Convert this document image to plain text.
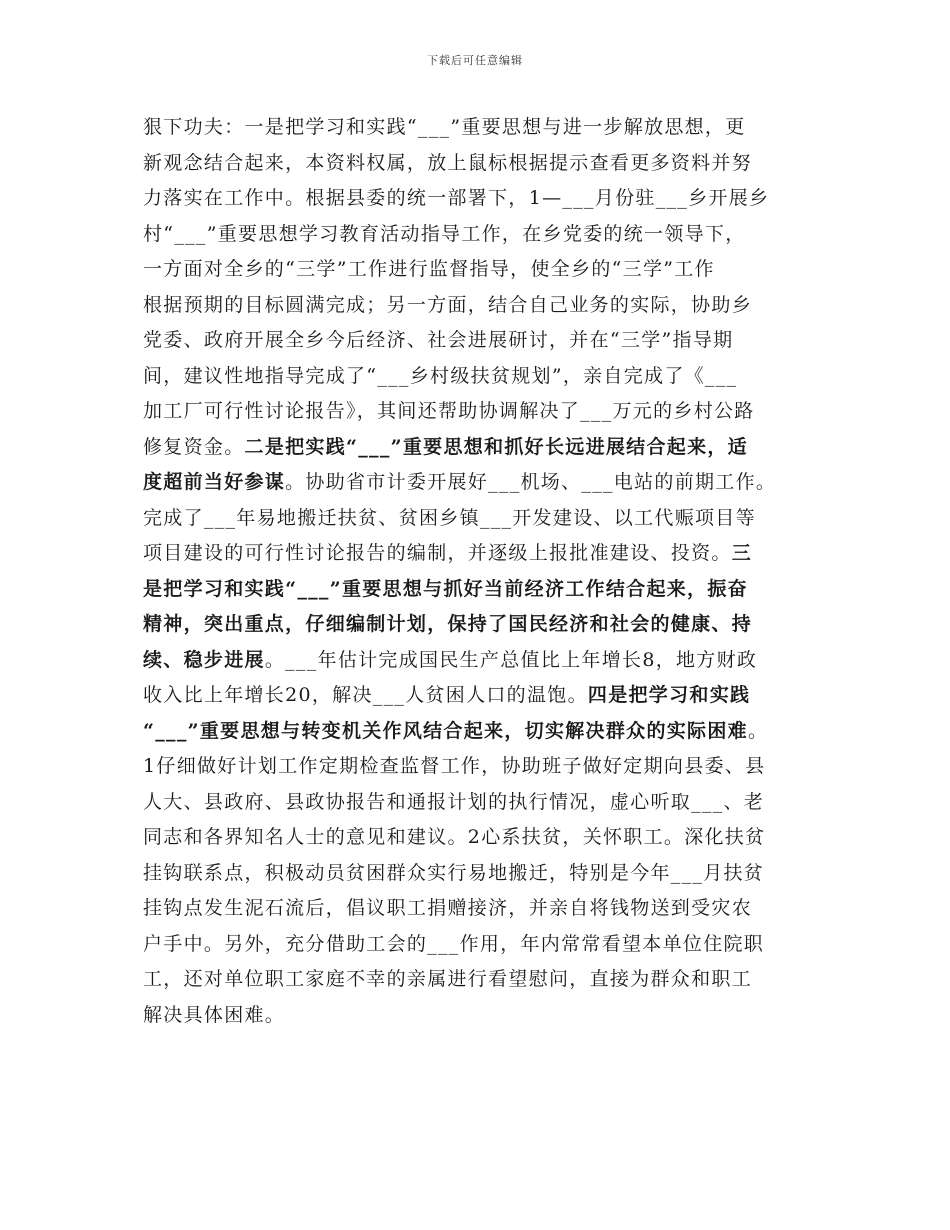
下载后可任意编辑
狠下功夫：一是把学习和实践“___”重要思想与进一步解放思想，更
新观念结合起来，本资料权属，放上鼠标根据提示查看更多资料并努
力落实在工作中。根据县委的统一部署下，1—___月份驻___乡开展乡
村“___”重要思想学习教育活动指导工作，在乡党委的统一领导下，
一方面对全乡的“三学”工作进行监督指导，使全乡的“三学”工作
根据预期的目标圆满完成；另一方面，结合自己业务的实际，协助乡
党委、政府开展全乡今后经济、社会进展研讨，并在“三学”指导期
间，建议性地指导完成了“___乡村级扶贫规划”，亲自完成了《___
加工厂可行性讨论报告》，其间还帮助协调解决了___万元的乡村公路
修复资金。二是把实践“___”重要思想和抓好长远进展结合起来，适
度超前当好参谋。协助省市计委开展好___机场、___电站的前期工作。
完成了___年易地搬迁扶贫、贫困乡镇___开发建设、以工代赈项目等
项目建设的可行性讨论报告的编制，并逐级上报批准建设、投资。三
是把学习和实践“___”重要思想与抓好当前经济工作结合起来，振奋
精神，突出重点，仔细编制计划，保持了国民经济和社会的健康、持
续、稳步进展。___年估计完成国民生产总值比上年增长8，地方财政
收入比上年增长20，解决___人贫困人口的温饱。四是把学习和实践
“___”重要思想与转变机关作风结合起来，切实解决群众的实际困难。
1仔细做好计划工作定期检查监督工作，协助班子做好定期向县委、县
人大、县政府、县政协报告和通报计划的执行情况，虚心听取___、老
同志和各界知名人士的意见和建议。2心系扶贫，关怀职工。深化扶贫
挂钩联系点，积极动员贫困群众实行易地搬迁，特别是今年___月扶贫
挂钩点发生泥石流后，倡议职工捐赠接济，并亲自将钱物送到受灾农
户手中。另外，充分借助工会的___作用，年内常常看望本单位住院职
工，还对单位职工家庭不幸的亲属进行看望慰问，直接为群众和职工
解决具体困难。
